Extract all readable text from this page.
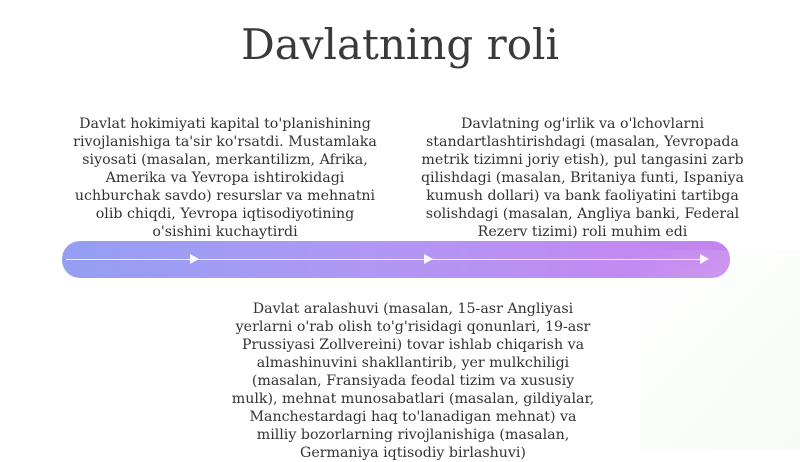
Davlatning roli

Davlat hokimiyati kapital to'planishining rivojlanishiga ta'sir ko'rsatdi. Mustamlaka siyosati (masalan, merkantilizm, Afrika, Amerika va Yevropa ishtirokidagi uchburchak savdo) resurslar va mehnatni olib chiqdi, Yevropa iqtisodiyotining o'sishini kuchaytirdi

Davlatning og'irlik va o'lchovlarni standartlashtirishdagi (masalan, Yevropada metrik tizimni joriy etish), pul tangasini zarb qilishdagi (masalan, Britaniya funti, Ispaniya kumush dollari) va bank faoliyatini tartibga solishdagi (masalan, Angliya banki, Federal Rezerv tizimi) roli muhim edi

Davlat aralashuvi (masalan, 15-asr Angliyasi yerlarni o'rab olish to'g'risidagi qonunlari, 19-asr Prussiyasi Zollvereini) tovar ishlab chiqarish va almashinuvini shakllantirib, yer mulkchiligi (masalan, Fransiyada feodal tizim va xususiy mulk), mehnat munosabatlari (masalan, gildiyalar, Manchestardagi haq to'lanadigan mehnat) va milliy bozorlarning rivojlanishiga (masalan, Germaniya iqtisodiy birlashuvi)
